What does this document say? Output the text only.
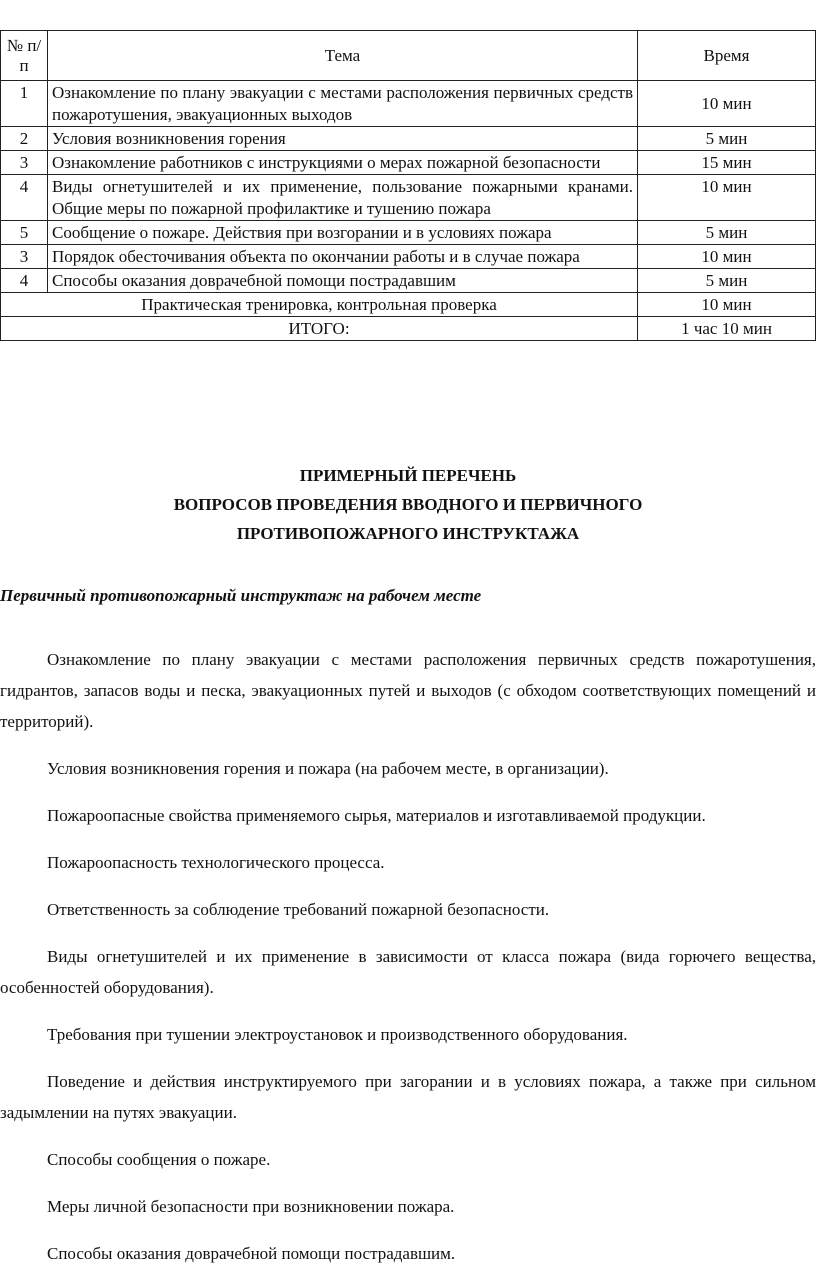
№ п/п	Тема	Время
1	Ознакомление по плану эвакуации с местами расположения первичных средств пожаротушения, эвакуационных выходов	10 мин
2	Условия возникновения горения	5 мин
3	Ознакомление работников с инструкциями о мерах пожарной безопасности	15 мин
4	Виды огнетушителей и их применение, пользование пожарными кранами. Общие меры по пожарной профилактике и тушению пожара	10 мин
5	Сообщение о пожаре. Действия при возгорании и в условиях пожара	5 мин
3	Порядок обесточивания объекта по окончании работы и в случае пожара	10 мин
4	Способы оказания доврачебной помощи пострадавшим	5 мин
Практическая тренировка, контрольная проверка		10 мин
ИТОГО:		1 час 10 мин
ПРИМЕРНЫЙ ПЕРЕЧЕНЬ
ВОПРОСОВ ПРОВЕДЕНИЯ ВВОДНОГО И ПЕРВИЧНОГО
ПРОТИВОПОЖАРНОГО ИНСТРУКТАЖА

Первичный противопожарный инструктаж на рабочем месте

Ознакомление по плану эвакуации с местами расположения первичных средств пожаротушения, гидрантов, запасов воды и песка, эвакуационных путей и выходов (с обходом соответствующих помещений и территорий).

Условия возникновения горения и пожара (на рабочем месте, в организации).

Пожароопасные свойства применяемого сырья, материалов и изготавливаемой продукции.

Пожароопасность технологического процесса.

Ответственность за соблюдение требований пожарной безопасности.

Виды огнетушителей и их применение в зависимости от класса пожара (вида горючего вещества, особенностей оборудования).

Требования при тушении электроустановок и производственного оборудования.

Поведение и действия инструктируемого при загорании и в условиях пожара, а также при сильном задымлении на путях эвакуации.

Способы сообщения о пожаре.

Меры личной безопасности при возникновении пожара.

Способы оказания доврачебной помощи пострадавшим.
